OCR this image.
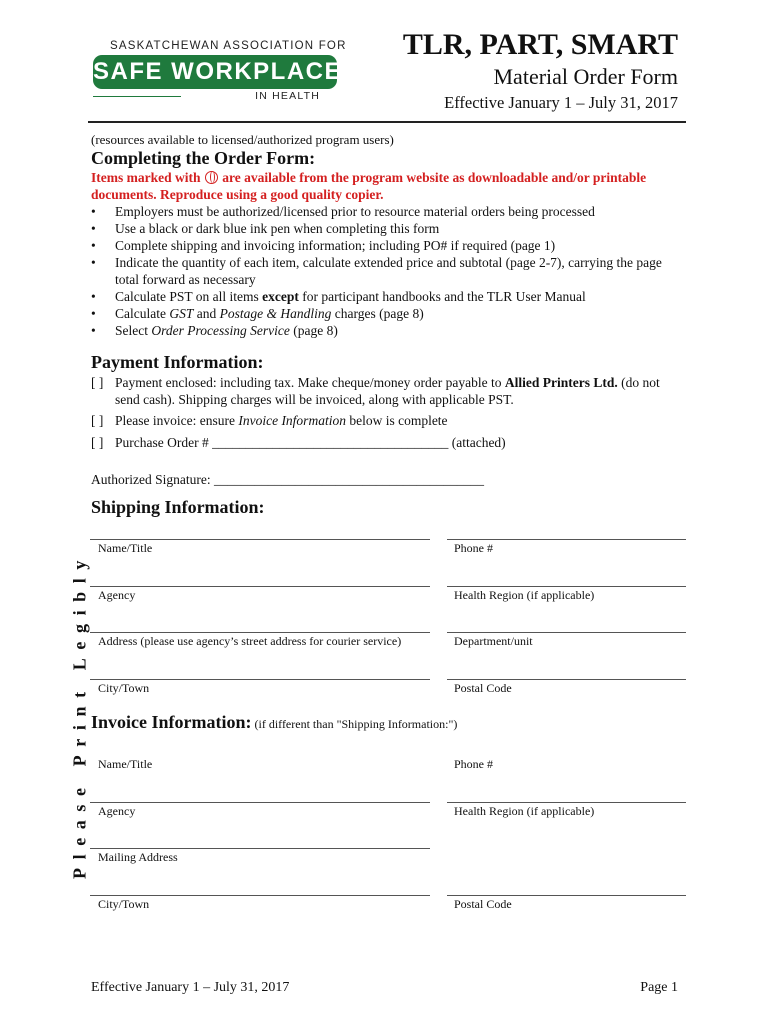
SASKATCHEWAN ASSOCIATION FOR
SAFE WORKPLACES
IN HEALTH
TLR, PART, SMART
Material Order Form
Effective January 1 – July 31, 2017
(resources available to licensed/authorized program users)
Completing the Order Form:
Items marked with  are available from the program website as downloadable and/or printable documents. Reproduce using a good quality copier.
• Employers must be authorized/licensed prior to resource material orders being processed
• Use a black or dark blue ink pen when completing this form
• Complete shipping and invoicing information; including PO# if required (page 1)
• Indicate the quantity of each item, calculate extended price and subtotal (page 2-7), carrying the page total forward as necessary
• Calculate PST on all items except for participant handbooks and the TLR User Manual
• Calculate GST and Postage & Handling charges (page 8)
• Select Order Processing Service (page 8)
Payment Information:
[ ] Payment enclosed: including tax. Make cheque/money order payable to Allied Printers Ltd. (do not send cash). Shipping charges will be invoiced, along with applicable PST.
[ ] Please invoice: ensure Invoice Information below is complete
[ ] Purchase Order # ___________________________________ (attached)
Authorized Signature: ________________________________________
Shipping Information:
Name/Title	Phone #
Agency	Health Region (if applicable)
Address (please use agency’s street address for courier service)	Department/unit
City/Town	Postal Code
Invoice Information: (if different than "Shipping Information:")
Name/Title	Phone #
Agency	Health Region (if applicable)
Mailing Address
City/Town	Postal Code
Please Print Legibly
Effective January 1 – July 31, 2017	Page 1
